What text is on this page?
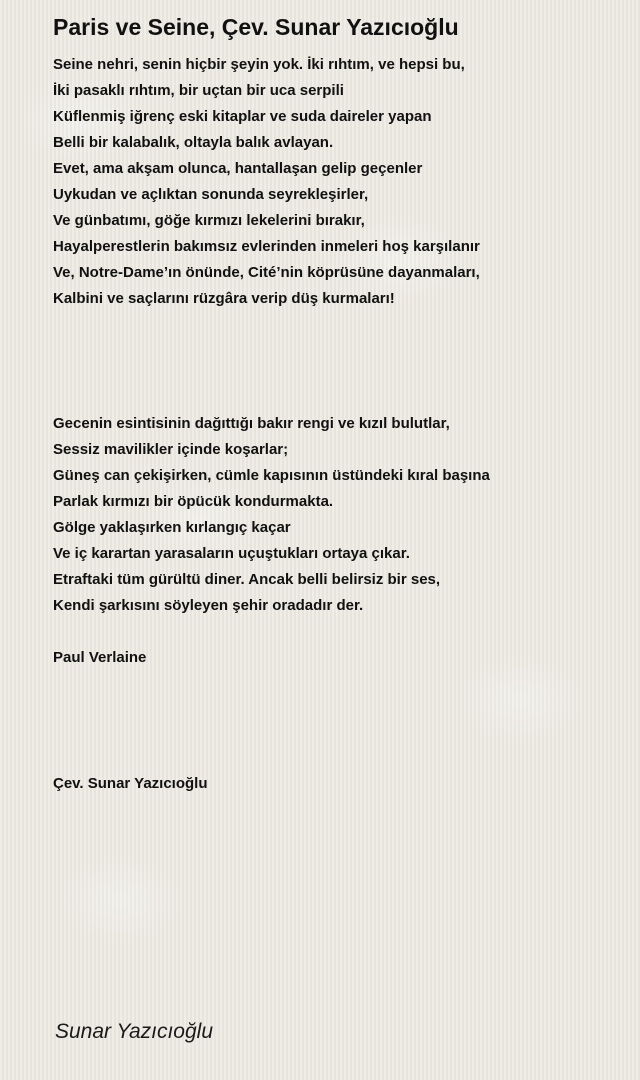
Paris ve Seine, Çev. Sunar Yazıcıoğlu
Seine nehri, senin hiçbir şeyin yok. İki rıhtım, ve hepsi bu,
İki pasaklı rıhtım, bir uçtan bir uca serpili
Küflenmiş iğrenç eski kitaplar ve suda daireler yapan
Belli bir kalabalık, oltayla balık avlayan.
Evet, ama akşam olunca, hantallaşan gelip geçenler
Uykudan ve açlıktan sonunda seyrekleşirler,
Ve günbatımı, göğe kırmızı lekelerini bırakır,
Hayalperestlerin bakımsız evlerinden inmeleri hoş karşılanır
Ve, Notre-Dame’ın önünde, Cité’nin köprüsüne dayanmaları,
Kalbini ve saçlarını rüzgâra verip düş kurmaları!
Gecenin esintisinin dağıttığı bakır rengi ve kızıl bulutlar,
Sessiz mavilikler içinde koşarlar;
Güneş can çekişirken, cümle kapısının üstündeki kıral başına
Parlak kırmızı bir öpücük kondurmakta.
Gölge yaklaşırken kırlangıç kaçar
Ve iç karartan yarasaların uçuştukları ortaya çıkar.
Etraftaki tüm gürültü diner. Ancak belli belirsiz bir ses,
Kendi şarkısını söyleyen şehir oradadır der.

Paul Verlaine

Çev. Sunar Yazıcıoğlu

Sunar Yazıcıoğlu
